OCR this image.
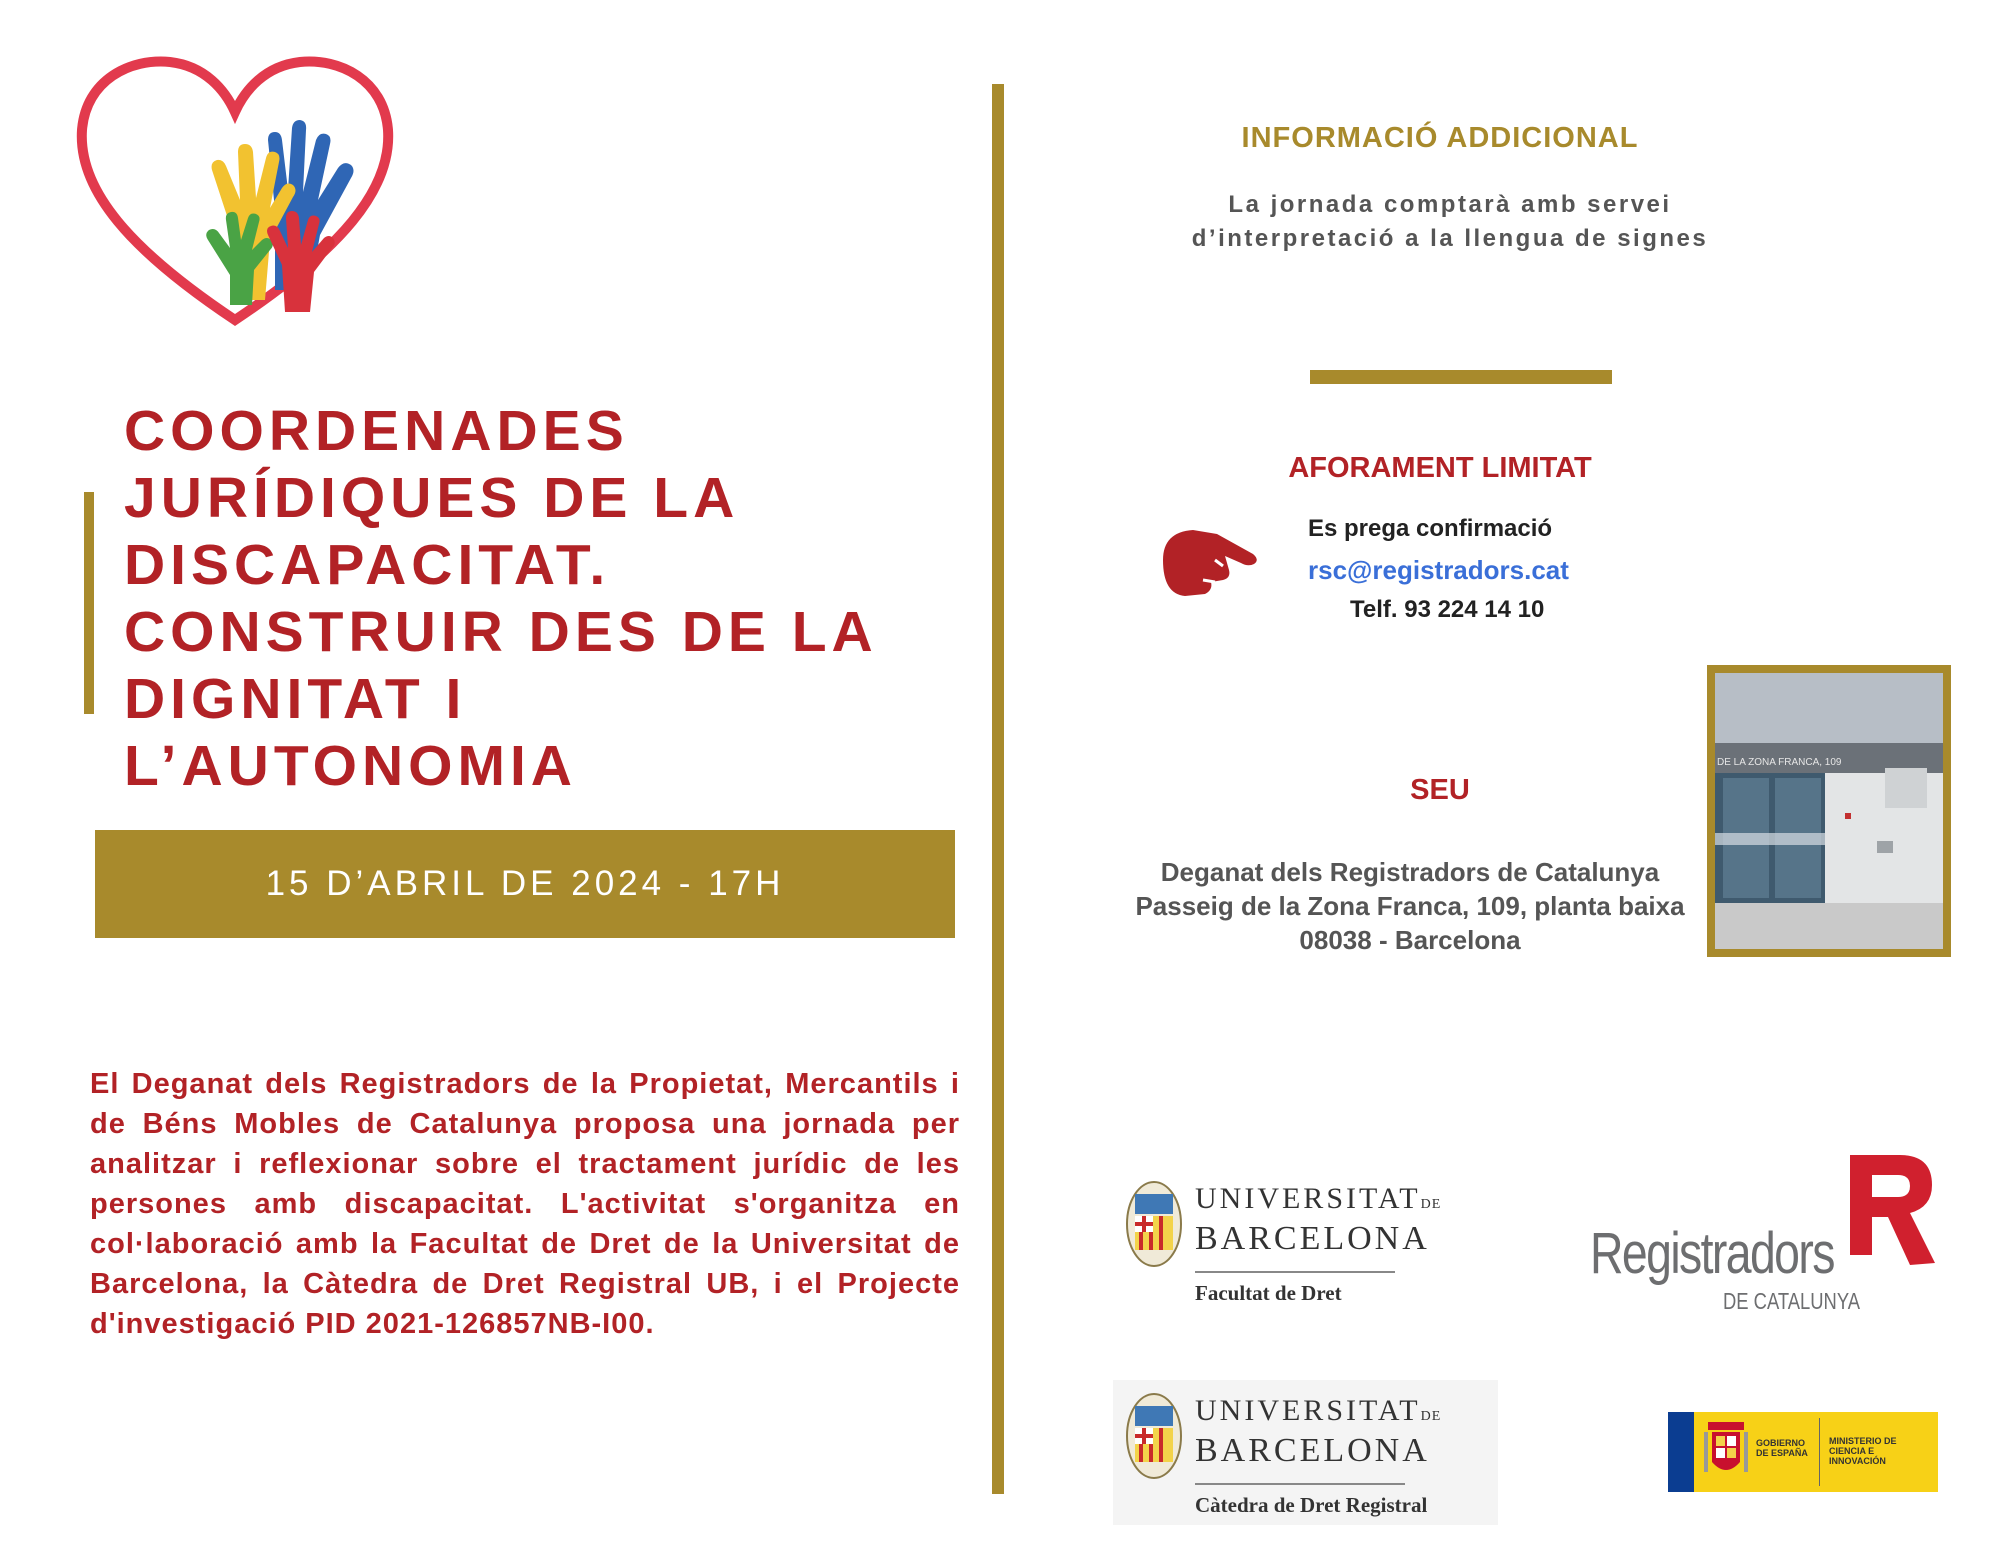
COORDENADES JURÍDIQUES DE LA DISCAPACITAT. CONSTRUIR DES DE LA DIGNITAT I L’AUTONOMIA
15 D’ABRIL DE 2024 - 17H

El Deganat dels Registradors de la Propietat, Mercantils i de Béns Mobles de Catalunya proposa una jornada per analitzar i reflexionar sobre el tractament jurídic de les persones amb discapacitat. L'activitat s'organitza en col·laboració amb la Facultat de Dret de la Universitat de Barcelona, la Càtedra de Dret Registral UB, i el Projecte d'investigació PID 2021-126857NB-I00.

INFORMACIÓ ADDICIONAL
La jornada comptarà amb servei d’interpretació a la llengua de signes
AFORAMENT LIMITAT
Es prega confirmació
rsc@registradors.cat
Telf. 93 224 14 10
SEU
Deganat dels Registradors de Catalunya
Passeig de la Zona Franca, 109, planta baixa
08038 - Barcelona
DE LA ZONA FRANCA, 109
UNIVERSITATDE
BARCELONA
Facultat de Dret
UNIVERSITATDE
BARCELONA
Càtedra de Dret Registral
Registradors
DE CATALUNYA
GOBIERNO DE ESPAÑA
MINISTERIO DE CIENCIA E INNOVACIÓN
